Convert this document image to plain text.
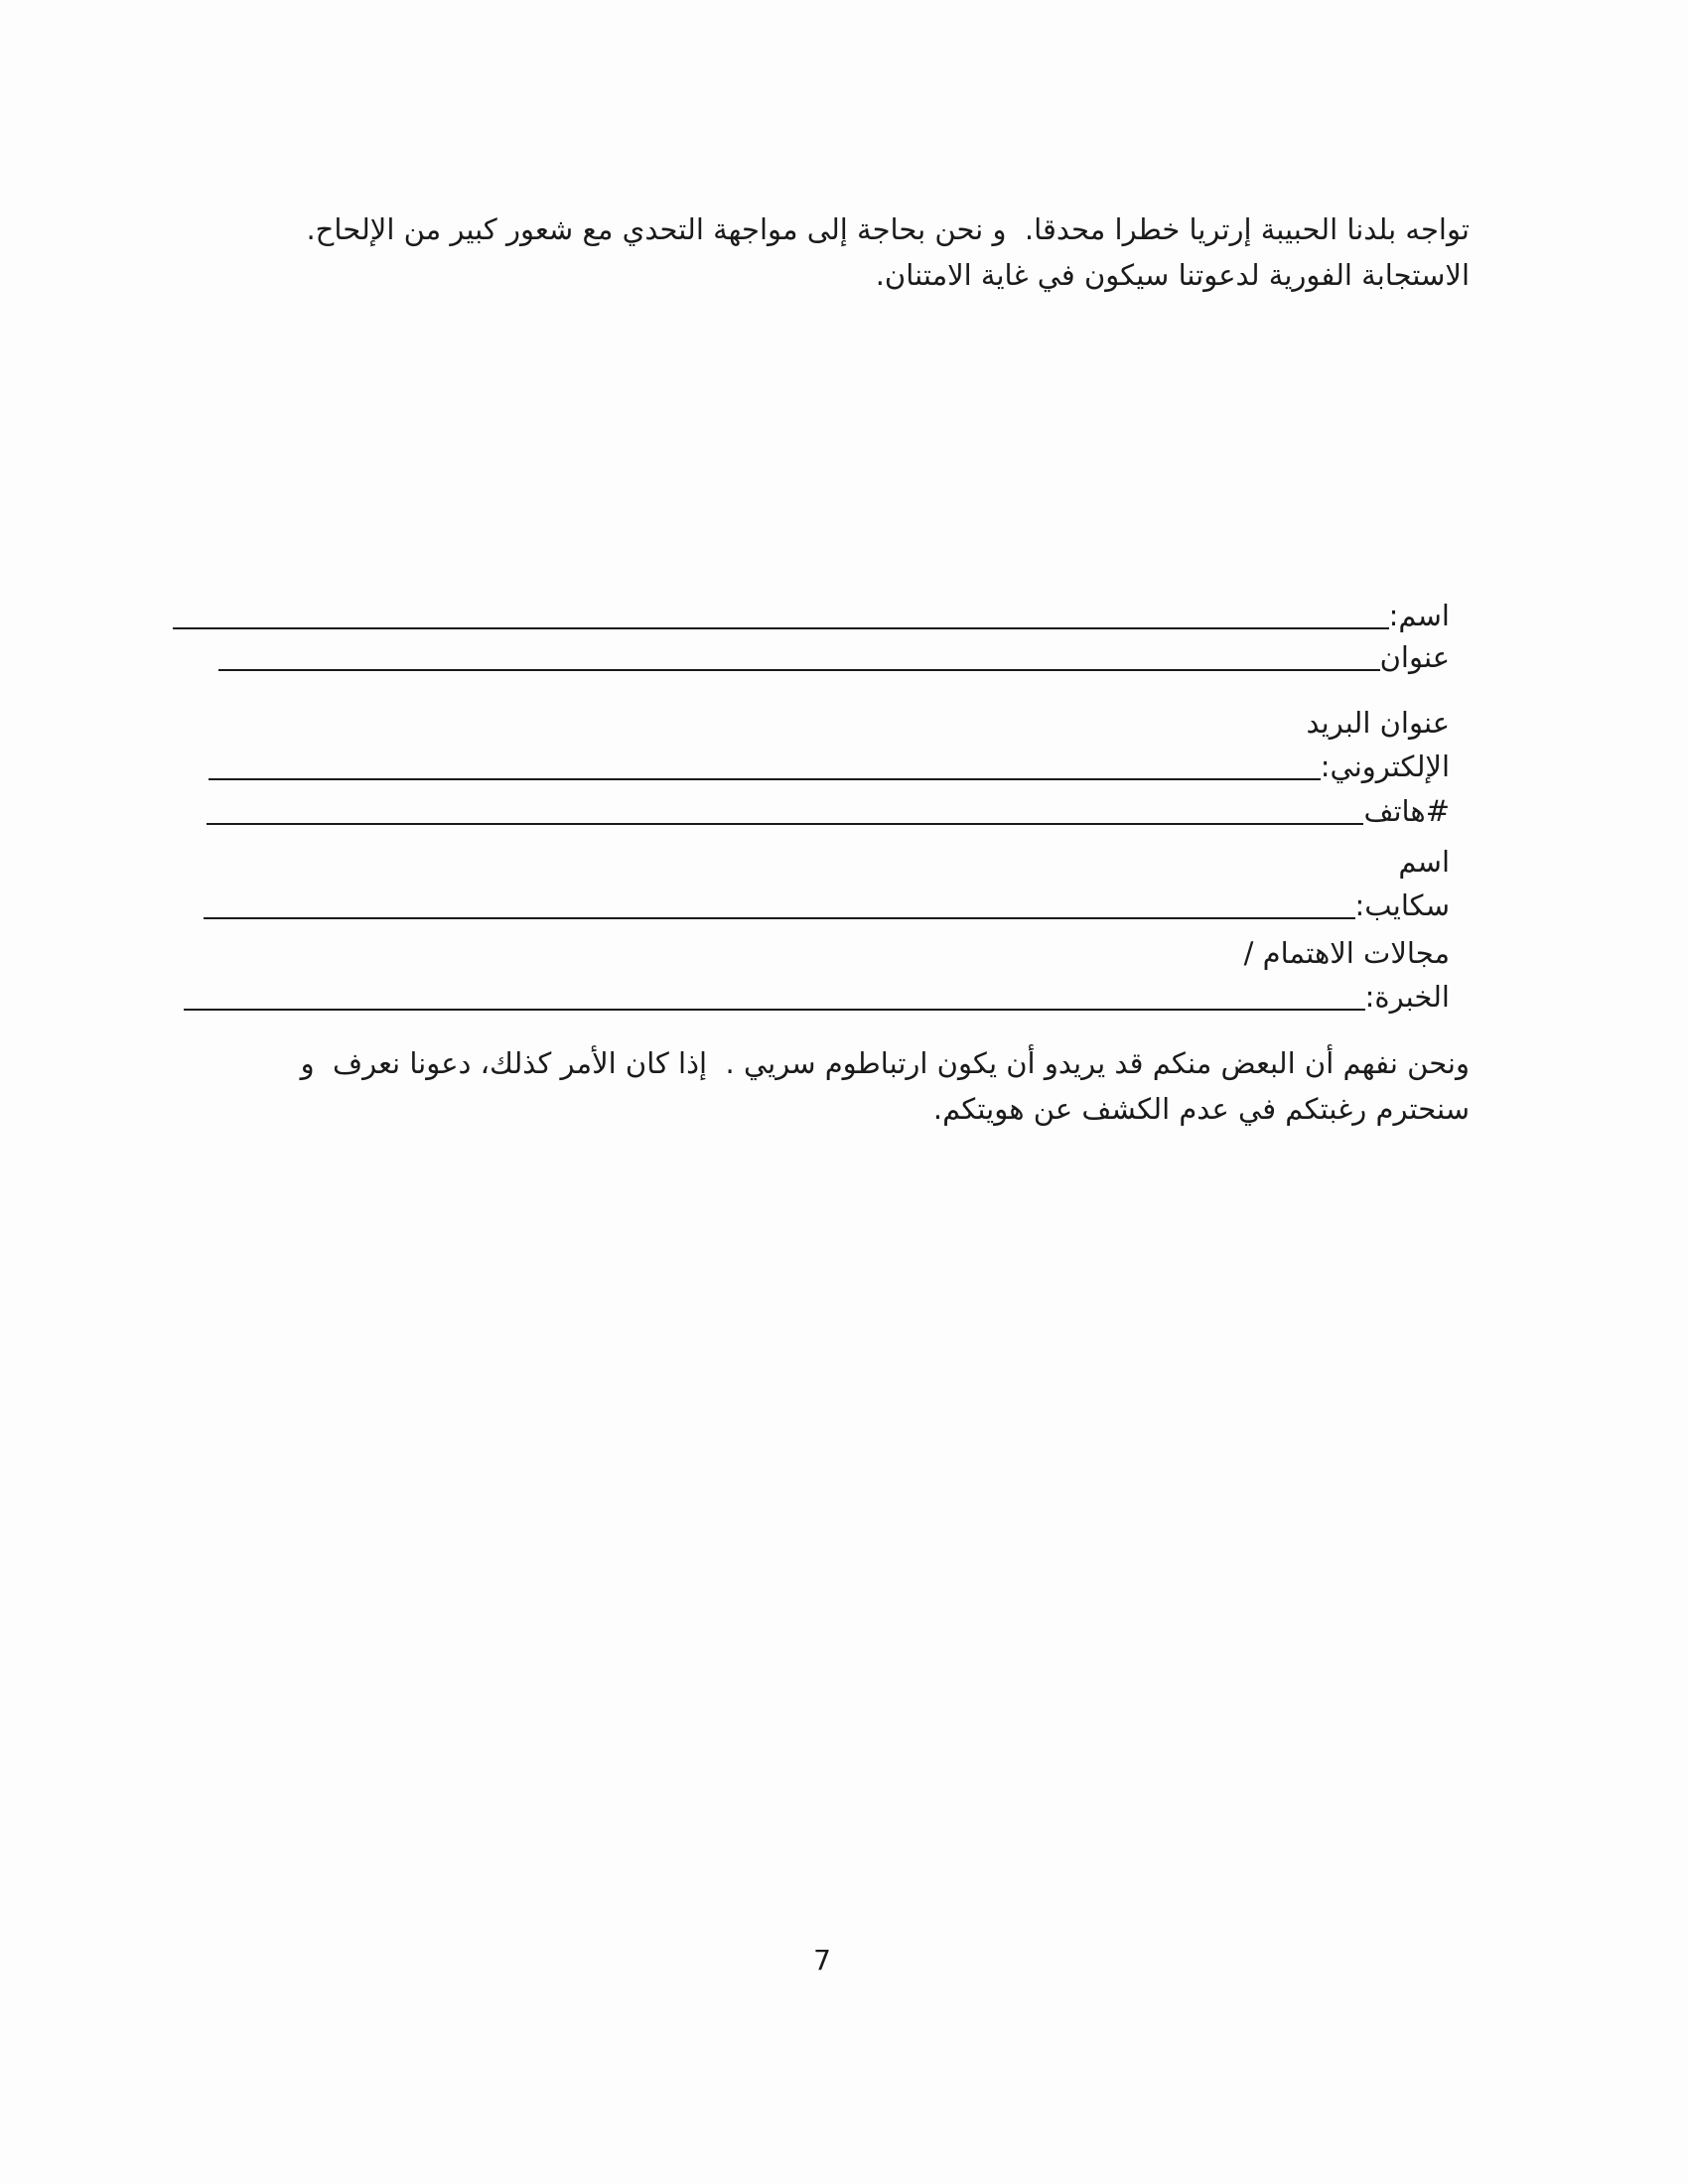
تواجه بلدنا الحبيبة إرتريا خطرا محدقا.  و نحن بحاجة إلى مواجهة التحدي مع شعور كبير من الإلحاح. الاستجابة الفورية لدعوتنا سيكون في غاية الامتنان.
اسم:
عنوان
عنوان البريد
الإلكتروني:
#هاتف
اسم
سكايب:
مجالات الاهتمام /
الخبرة:
ونحن نفهم أن البعض منكم قد يريدو أن يكون ارتباطوم سريي .  إذا كان الأمر كذلك، دعونا نعرف  و سنحترم رغبتكم في عدم الكشف عن هويتكم.
7
